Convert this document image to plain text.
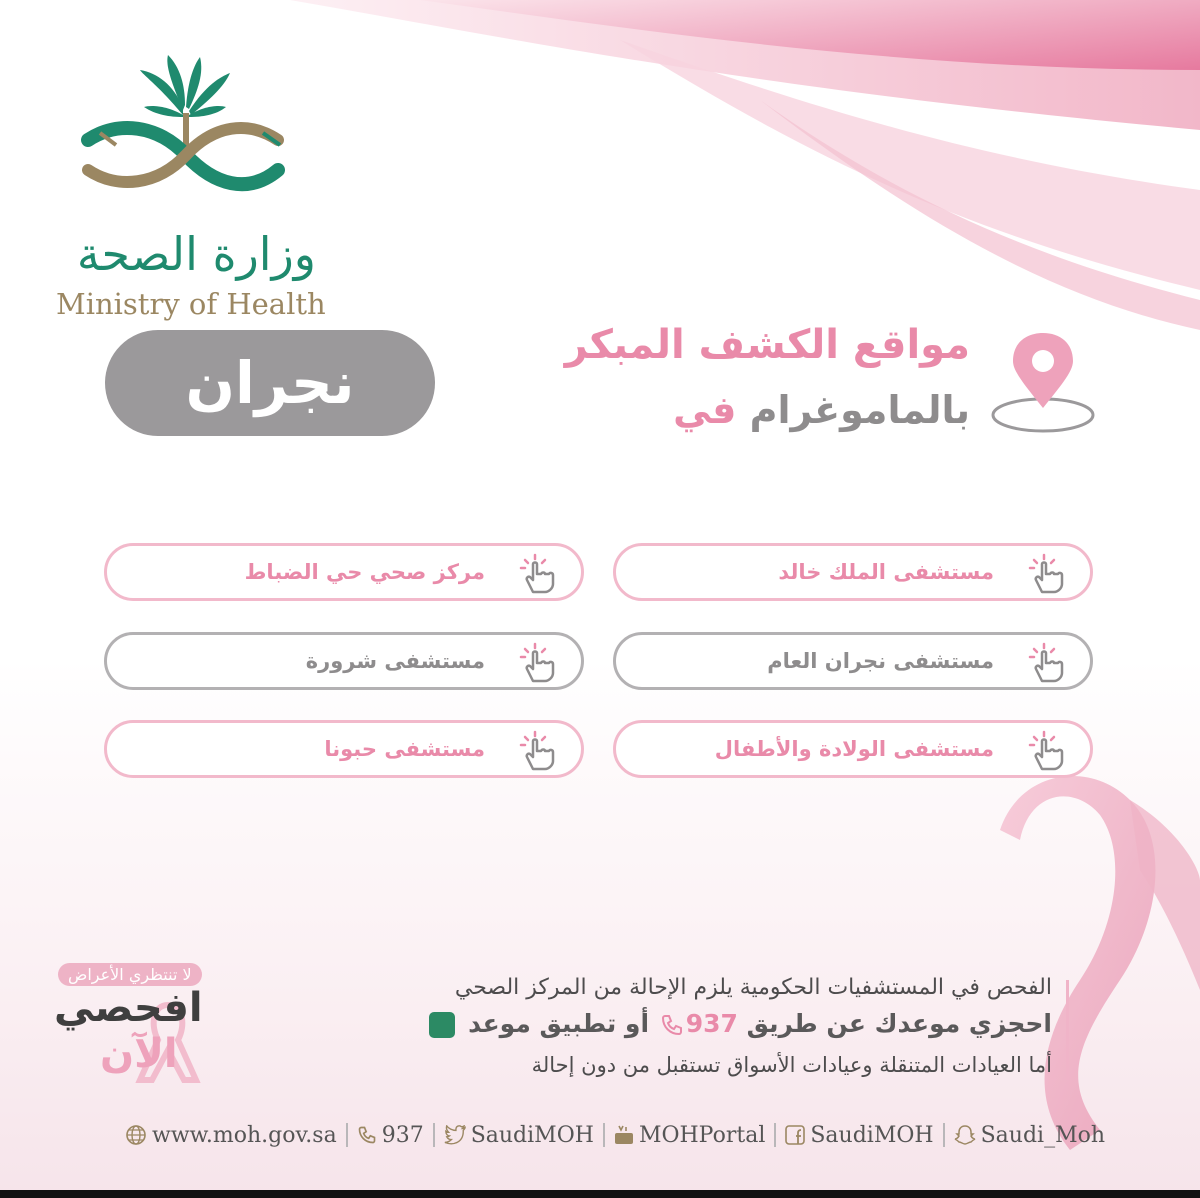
وزارة الصحة
Ministry of Health
مواقع الكشف المبكر
بالماموغرام في
نجران
مستشفى الملك خالد
مركز صحي حي الضباط
مستشفى نجران العام
مستشفى شرورة
مستشفى الولادة والأطفال
مستشفى حبونا
لا تنتظري الأعراض
افحصي
الآن
الفحص في المستشفيات الحكومية يلزم الإحالة من المركز الصحي
احجزي موعدك عن طريق 937 أو تطبيق موعد
أما العيادات المتنقلة وعيادات الأسواق تستقبل من دون إحالة
www.moh.gov.sa 937 SaudiMOH MOHPortal SaudiMOH Saudi_Moh
